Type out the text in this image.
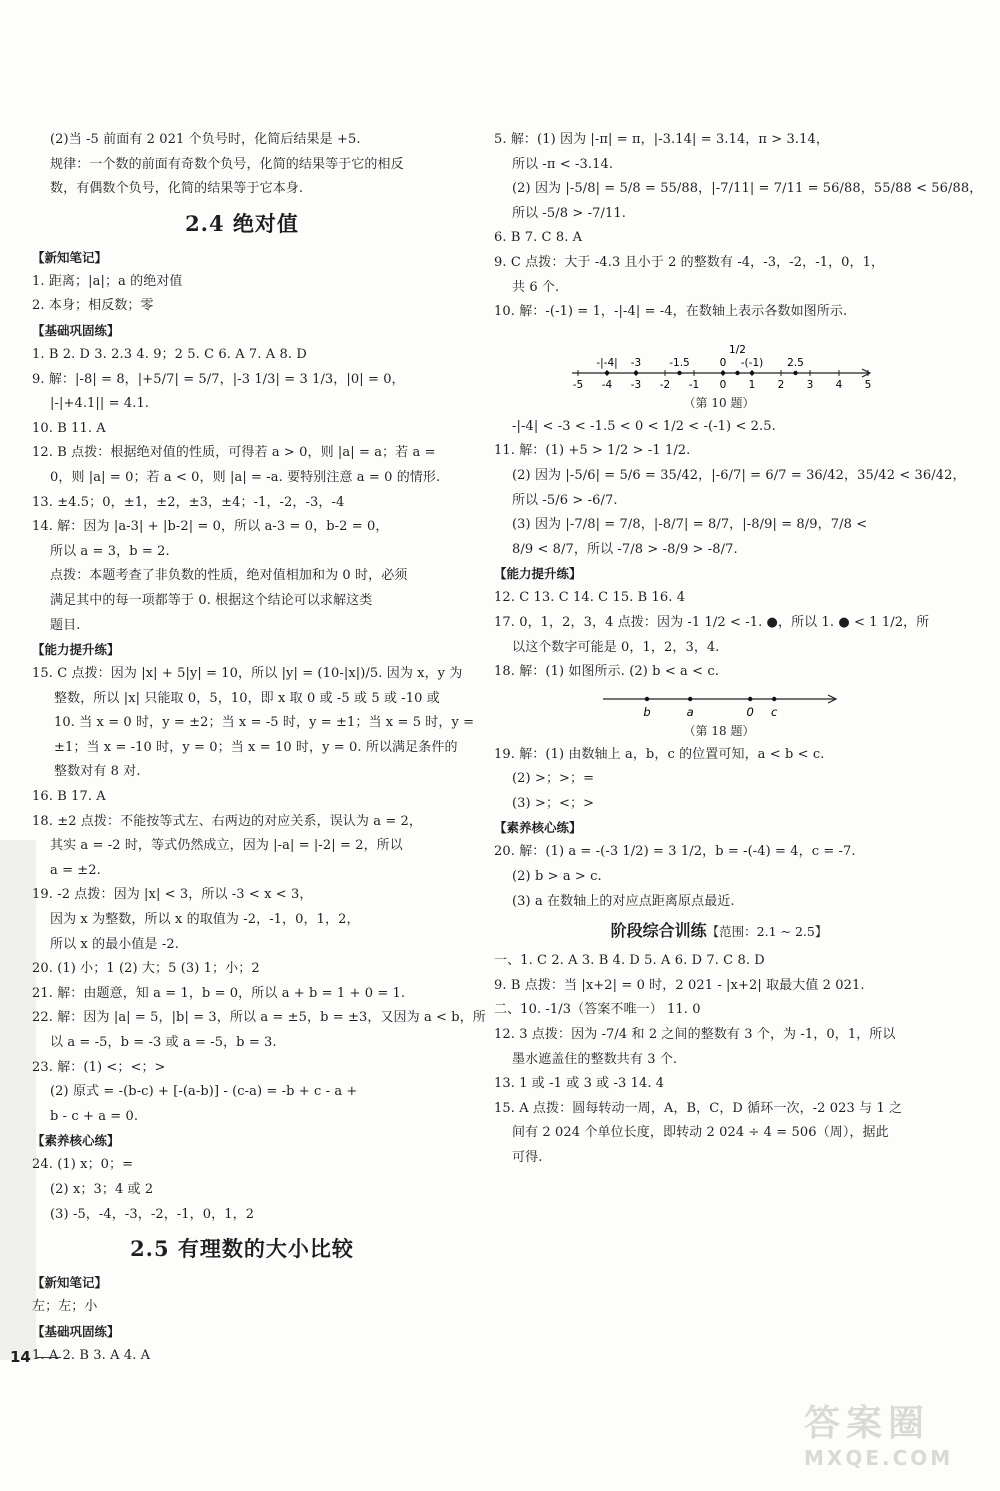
(2)当 -5 前面有 2 021 个负号时，化简后结果是 +5.
规律：一个数的前面有奇数个负号，化简的结果等于它的相反
数，有偶数个负号，化简的结果等于它本身.
2.4 绝对值
【新知笔记】
1. 距离；|a|；a 的绝对值
2. 本身；相反数；零
【基础巩固练】
1. B 2. D 3. 2.3 4. 9；2 5. C 6. A 7. A 8. D
9. 解：|-8| = 8，|+5/7| = 5/7，|-3 1/3| = 3 1/3，|0| = 0，
|-|+4.1|| = 4.1.
10. B 11. A
12. B 点拨：根据绝对值的性质，可得若 a > 0，则 |a| = a；若 a =
0，则 |a| = 0；若 a < 0，则 |a| = -a. 要特别注意 a = 0 的情形.
13. ±4.5；0，±1，±2，±3，±4；-1，-2，-3，-4
14. 解：因为 |a-3| + |b-2| = 0，所以 a-3 = 0，b-2 = 0，
所以 a = 3，b = 2.
点拨：本题考查了非负数的性质，绝对值相加和为 0 时，必须
满足其中的每一项都等于 0. 根据这个结论可以求解这类
题目.
【能力提升练】
15. C 点拨：因为 |x| + 5|y| = 10，所以 |y| = (10-|x|)/5. 因为 x，y 为
整数，所以 |x| 只能取 0，5，10，即 x 取 0 或 -5 或 5 或 -10 或
10. 当 x = 0 时，y = ±2；当 x = -5 时，y = ±1；当 x = 5 时，y =
±1；当 x = -10 时，y = 0；当 x = 10 时，y = 0. 所以满足条件的
整数对有 8 对.
16. B 17. A
18. ±2 点拨：不能按等式左、右两边的对应关系，误认为 a = 2，
其实 a = -2 时，等式仍然成立，因为 |-a| = |-2| = 2，所以
a = ±2.
19. -2 点拨：因为 |x| < 3，所以 -3 < x < 3，
因为 x 为整数，所以 x 的取值为 -2，-1，0，1，2，
所以 x 的最小值是 -2.
20. (1) 小；1 (2) 大；5 (3) 1；小；2
21. 解：由题意，知 a = 1，b = 0，所以 a + b = 1 + 0 = 1.
22. 解：因为 |a| = 5，|b| = 3，所以 a = ±5，b = ±3，又因为 a < b，所
以 a = -5，b = -3 或 a = -5，b = 3.
23. 解：(1) <；<；>
(2) 原式 = -(b-c) + [-(a-b)] - (c-a) = -b + c - a +
b - c + a = 0.
【素养核心练】
24. (1) x；0；=
(2) x；3；4 或 2
(3) -5，-4，-3，-2，-1，0，1，2
2.5 有理数的大小比较
【新知笔记】
左；左；小
【基础巩固练】
1. A 2. B 3. A 4. A
5. 解：(1) 因为 |-π| = π，|-3.14| = 3.14，π > 3.14，
所以 -π < -3.14.
(2) 因为 |-5/8| = 5/8 = 55/88，|-7/11| = 7/11 = 56/88，55/88 < 56/88，
所以 -5/8 > -7/11.
6. B 7. C 8. A
9. C 点拨：大于 -4.3 且小于 2 的整数有 -4，-3，-2，-1，0，1，
共 6 个.
10. 解：-(-1) = 1，-|-4| = -4，在数轴上表示各数如图所示.
-5 -4 -3 -2 -1 0 1 2 3 4 5
-|-4| -3	-1.5	0
1/2
-(-1) 2.5
（第 10 题）
-|-4| < -3 < -1.5 < 0 < 1/2 < -(-1) < 2.5.
11. 解：(1) +5 > 1/2 > -1 1/2.
(2) 因为 |-5/6| = 5/6 = 35/42，|-6/7| = 6/7 = 36/42，35/42 < 36/42，
所以 -5/6 > -6/7.
(3) 因为 |-7/8| = 7/8，|-8/7| = 8/7，|-8/9| = 8/9，7/8 <
8/9 < 8/7，所以 -7/8 > -8/9 > -8/7.
【能力提升练】
12. C 13. C 14. C 15. B 16. 4
17. 0，1，2，3，4 点拨：因为 -1 1/2 < -1. ●，所以 1. ● < 1 1/2，所
以这个数字可能是 0，1，2，3，4.
18. 解：(1) 如图所示. (2) b < a < c.
b	a	0 c
（第 18 题）
19. 解：(1) 由数轴上 a，b，c 的位置可知，a < b < c.
(2) >；>；=
(3) >；<；>
【素养核心练】
20. 解：(1) a = -(-3 1/2) = 3 1/2，b = -(-4) = 4，c = -7.
(2) b > a > c.
(3) a 在数轴上的对应点距离原点最近.
阶段综合训练【范围：2.1 ~ 2.5】
一、1. C 2. A 3. B 4. D 5. A 6. D 7. C 8. D
9. B 点拨：当 |x+2| = 0 时，2 021 - |x+2| 取最大值 2 021.
二、10. -1/3（答案不唯一） 11. 0
12. 3 点拨：因为 -7/4 和 2 之间的整数有 3 个，为 -1，0，1，所以
墨水遮盖住的整数共有 3 个.
13. 1 或 -1 或 3 或 -3 14. 4
15. A 点拨：圆每转动一周，A，B，C，D 循环一次，-2 023 与 1 之
间有 2 024 个单位长度，即转动 2 024 ÷ 4 = 506（周），据此
可得.
14
答案圈
MXQE.COM
